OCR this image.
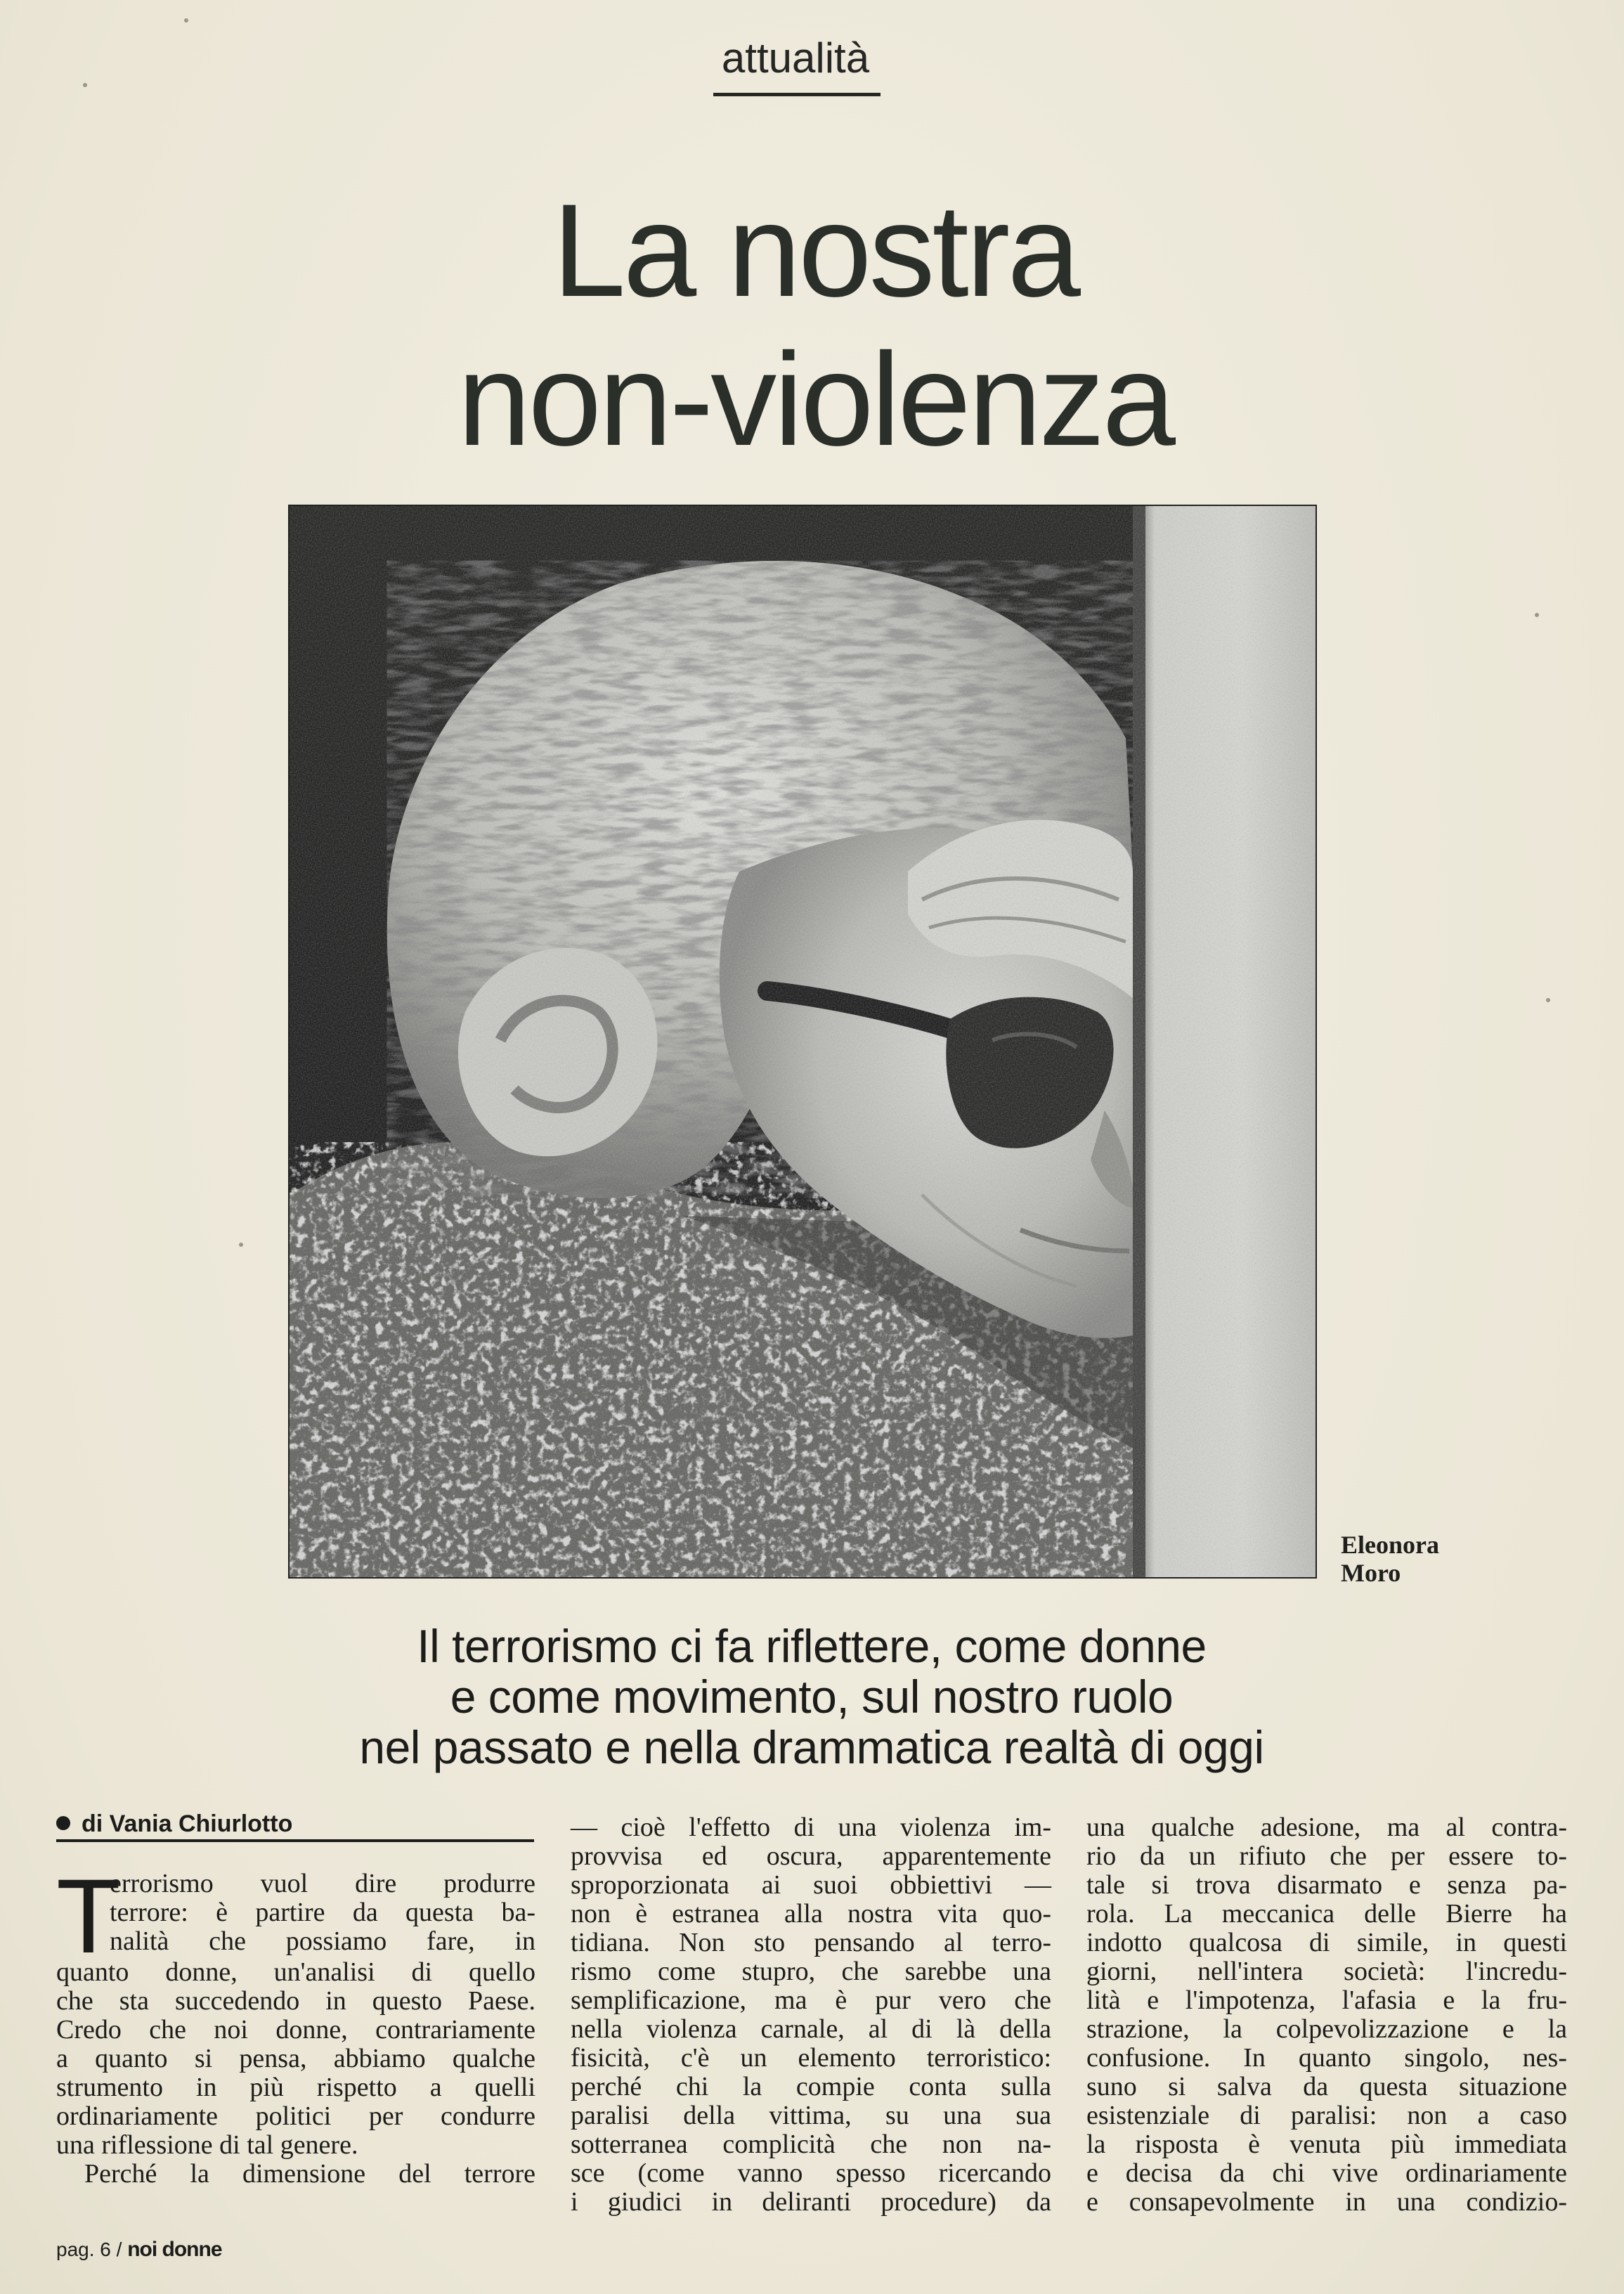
attualità
La nostra
non-violenza
Eleonora
Moro
Il terrorismo ci fa riflettere, come donne
e come movimento, sul nostro ruolo
nel passato e nella drammatica realtà di oggi
di Vania Chiurlotto
T
errorismo vuol dire produrre
terrore: è partire da questa ba-
nalità che possiamo fare, in
quanto donne, un'analisi di quello
che sta succedendo in questo Paese.
Credo che noi donne, contrariamente
a quanto si pensa, abbiamo qualche
strumento in più rispetto a quelli
ordinariamente politici per condurre
una riflessione di tal genere.
Perché la dimensione del terrore
— cioè l'effetto di una violenza im-
provvisa ed oscura, apparentemente
sproporzionata ai suoi obbiettivi —
non è estranea alla nostra vita quo-
tidiana. Non sto pensando al terro-
rismo come stupro, che sarebbe una
semplificazione, ma è pur vero che
nella violenza carnale, al di là della
fisicità, c'è un elemento terroristico:
perché chi la compie conta sulla
paralisi della vittima, su una sua
sotterranea complicità che non na-
sce (come vanno spesso ricercando
i giudici in deliranti procedure) da
una qualche adesione, ma al contra-
rio da un rifiuto che per essere to-
tale si trova disarmato e senza pa-
rola. La meccanica delle Bierre ha
indotto qualcosa di simile, in questi
giorni, nell'intera società: l'incredu-
lità e l'impotenza, l'afasia e la fru-
strazione, la colpevolizzazione e la
confusione. In quanto singolo, nes-
suno si salva da questa situazione
esistenziale di paralisi: non a caso
la risposta è venuta più immediata
e decisa da chi vive ordinariamente
e consapevolmente in una condizio-
pag. 6 / noi donne
